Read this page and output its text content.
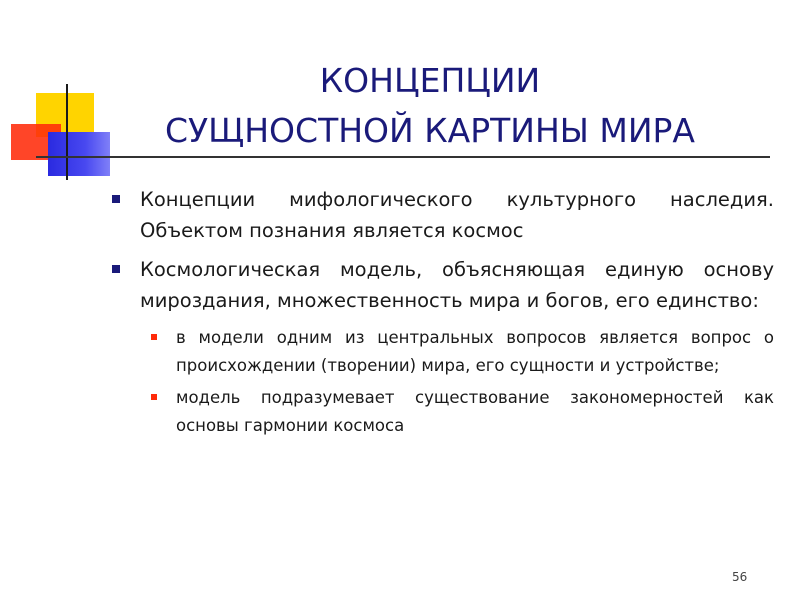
КОНЦЕПЦИИ
СУЩНОСТНОЙ КАРТИНЫ МИРА
Концепции мифологического культурного наследия. Объектом познания является космос
Космологическая модель, объясняющая единую основу мироздания, множественность мира и богов, его единство:
в модели одним из центральных вопросов является вопрос о происхождении (творении) мира, его сущности и устройстве;
модель подразумевает существование закономерностей как основы гармонии космоса
56
